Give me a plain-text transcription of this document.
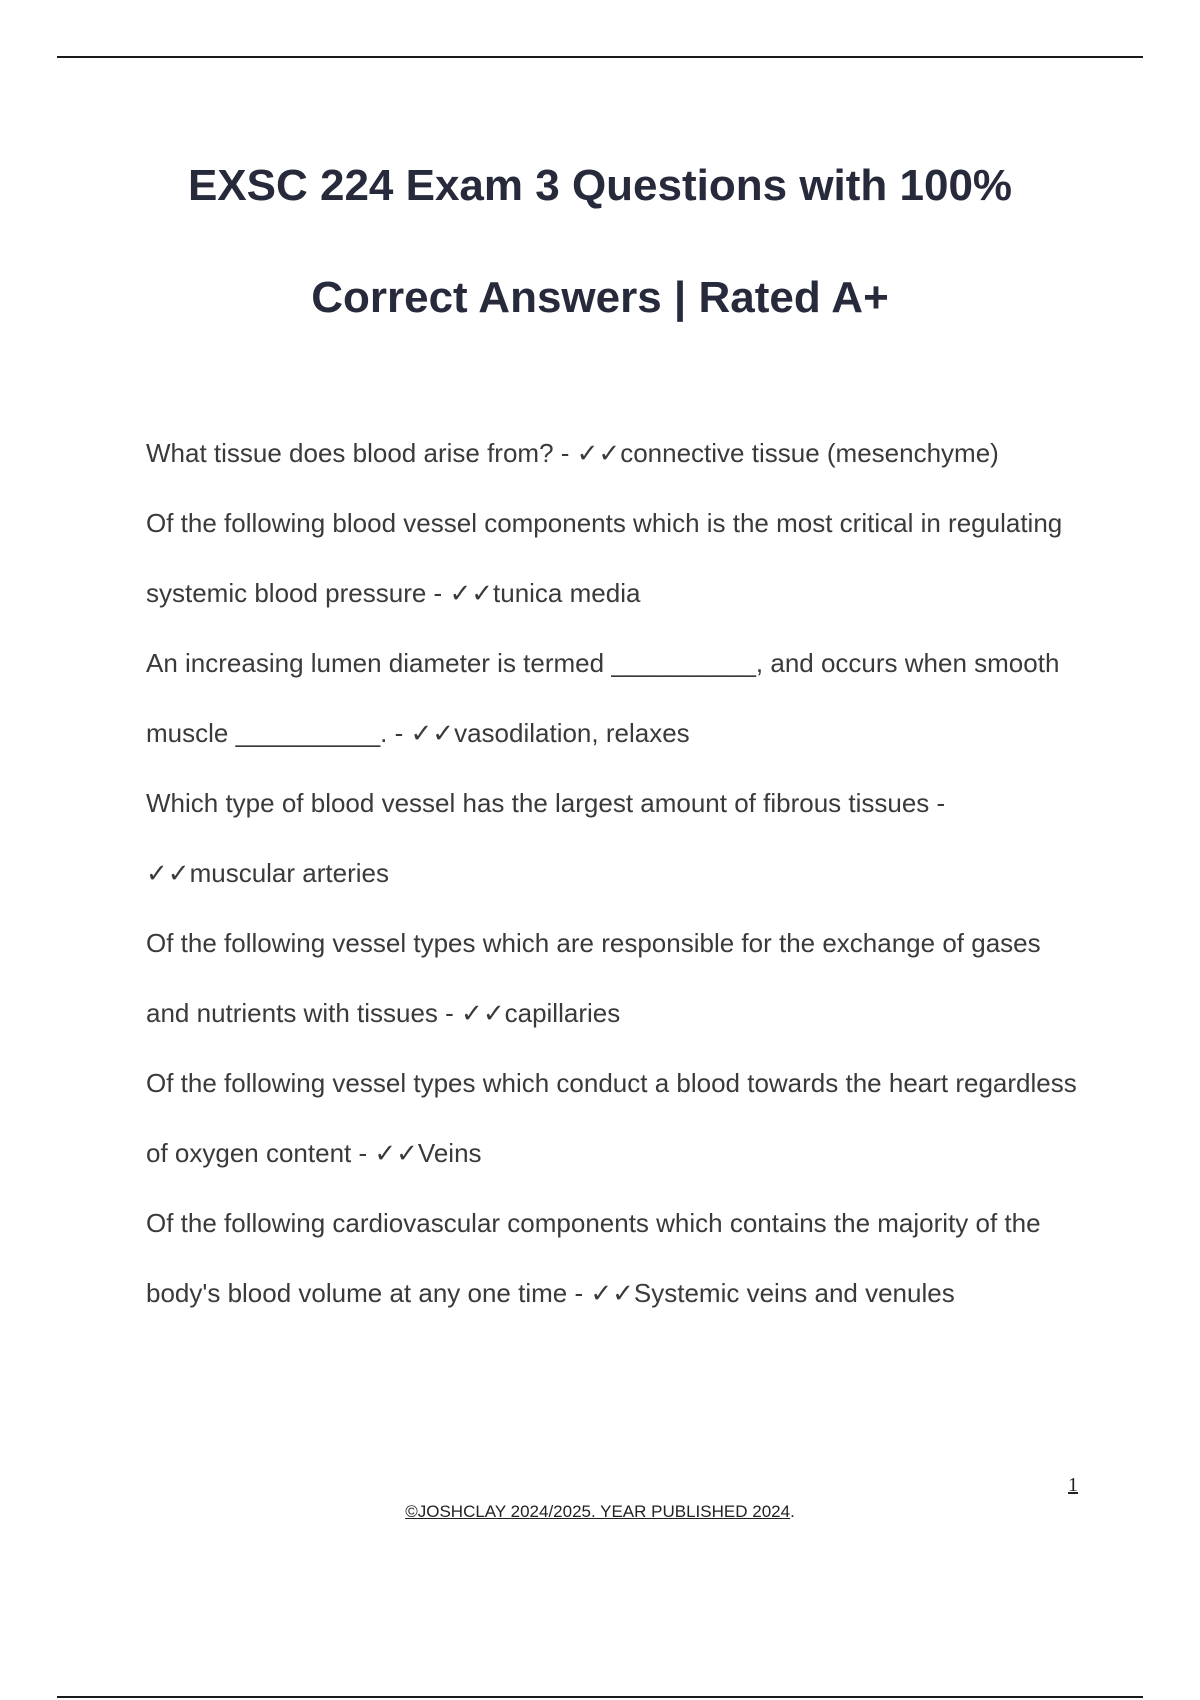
EXSC 224 Exam 3 Questions with 100%
Correct Answers | Rated A+
What tissue does blood arise from? - ✓✓connective tissue (mesenchyme)
Of the following blood vessel components which is the most critical in regulating systemic blood pressure - ✓✓tunica media
An increasing lumen diameter is termed __________, and occurs when smooth muscle __________. - ✓✓vasodilation, relaxes
Which type of blood vessel has the largest amount of fibrous tissues - ✓✓muscular arteries
Of the following vessel types which are responsible for the exchange of gases and nutrients with tissues - ✓✓capillaries
Of the following vessel types which conduct a blood towards the heart regardless of oxygen content - ✓✓Veins
Of the following cardiovascular components which contains the majority of the body's blood volume at any one time - ✓✓Systemic veins and venules
1
©JOSHCLAY 2024/2025. YEAR PUBLISHED 2024.
